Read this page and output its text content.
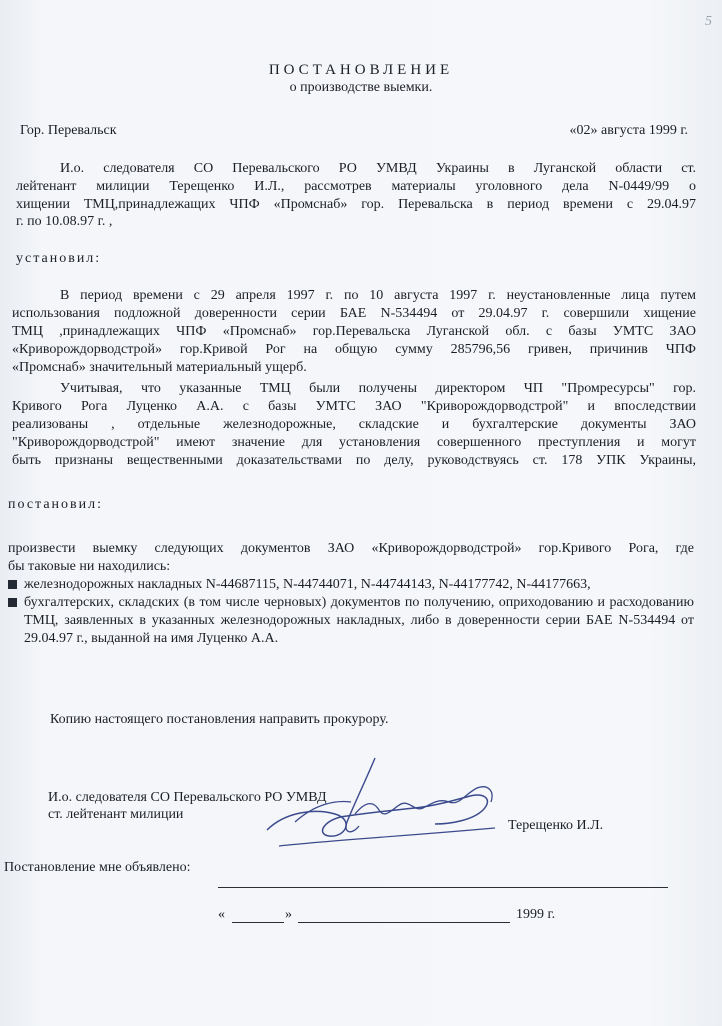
5
ПОСТАНОВЛЕНИЕ
о производстве выемки.
Гор. Перевальск	«02» августа 1999 г.
И.о. следователя СО Перевальского РО УМВД Украины в Луганской области ст.
лейтенант милиции Терещенко И.Л., рассмотрев материалы уголовного дела N-0449/99 о
хищении ТМЦ,принадлежащих ЧПФ «Промснаб» гор. Перевальска в период времени с 29.04.97
г. по 10.08.97 г. ,
установил:
В период времени с 29 апреля 1997 г. по 10 августа 1997 г. неустановленные лица путем
использования подложной доверенности серии БАЕ N-534494 от 29.04.97 г. совершили хищение
ТМЦ ,принадлежащих ЧПФ «Промснаб» гор.Перевальска Луганской обл. с базы УМТС ЗАО
«Криворождорводстрой» гор.Кривой Рог на общую сумму 285796,56 гривен, причинив ЧПФ
«Промснаб» значительный материальный ущерб.
Учитывая, что указанные ТМЦ были получены директором ЧП "Промресурсы" гор.
Кривого Рога Луценко А.А. с базы УМТС ЗАО "Криворождорводстрой" и впоследствии
реализованы , отдельные железнодорожные, складские и бухгалтерские документы ЗАО
"Криворождорводстрой" имеют значение для установления совершенного преступления и могут
быть признаны вещественными доказательствами по делу, руководствуясь ст. 178 УПК Украины,
постановил:
произвести выемку следующих документов ЗАО «Криворождорводстрой» гор.Кривого Рога, где
бы таковые ни находились:
железнодорожных накладных N-44687115, N-44744071, N-44744143, N-44177742, N-44177663,
бухгалтерских, складских (в том числе черновых) документов по получению, оприходованию и расходованию ТМЦ, заявленных в указанных железнодорожных накладных, либо в доверенности серии БАЕ N-534494 от 29.04.97 г., выданной на имя Луценко А.А.
Копию настоящего постановления направить прокурору.
И.о. следователя СО Перевальского РО УМВД
ст. лейтенант милиции
Терещенко И.Л.
Постановление мне объявлено:
«	»	1999 г.
